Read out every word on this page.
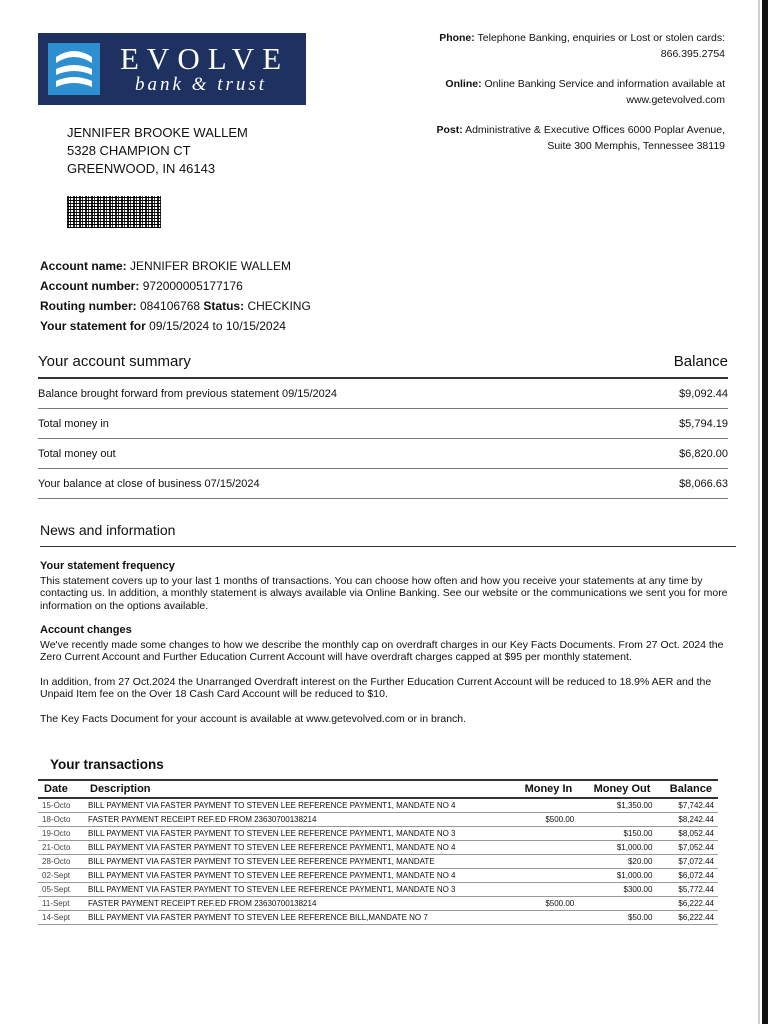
EVOLVE
bank & trust

Phone: Telephone Banking, enquiries or Lost or stolen cards: 866.395.2754

Online: Online Banking Service and information available at www.getevolved.com

Post: Administrative & Executive Offices 6000 Poplar Avenue, Suite 300 Memphis, Tennessee 38119

JENNIFER BROOKE WALLEM
5328 CHAMPION CT
GREENWOOD, IN 46143
Account name: JENNIFER BROKIE WALLEM
Account number: 972000005177176
Routing number: 084106768 Status: CHECKING
Your statement for 09/15/2024 to 10/15/2024
Your account summary	Balance
Balance brought forward from previous statement 09/15/2024	$9,092.44
Total money in	$5,794.19
Total money out	$6,820.00
Your balance at close of business 07/15/2024	$8,066.63
News and information
Your statement frequency

This statement covers up to your last 1 months of transactions. You can choose how often and how you receive your statements at any time by contacting us. In addition, a monthly statement is always available via Online Banking. See our website or the communications we sent you for more information on the options available.

Account changes

We've recently made some changes to how we describe the monthly cap on overdraft charges in our Key Facts Documents. From 27 Oct. 2024 the Zero Current Account and Further Education Current Account will have overdraft charges capped at $95 per monthly statement.

In addition, from 27 Oct.2024 the Unarranged Overdraft interest on the Further Education Current Account will be reduced to 18.9% AER and the Unpaid Item fee on the Over 18 Cash Card Account will be reduced to $10.

The Key Facts Document for your account is available at www.getevolved.com or in branch.

Your transactions
Date	Description	Money In	Money Out	Balance
15-Octo	BILL PAYMENT VIA FASTER PAYMENT TO STEVEN LEE REFERENCE PAYMENT1, MANDATE NO 4		$1,350.00	$7,742.44
18-Octo	FASTER PAYMENT RECEIPT REF.ED FROM 23630700138214	$500.00		$8,242.44
19-Octo	BILL PAYMENT VIA FASTER PAYMENT TO STEVEN LEE REFERENCE PAYMENT1, MANDATE NO 3		$150.00	$8,052.44
21-Octo	BILL PAYMENT VIA FASTER PAYMENT TO STEVEN LEE REFERENCE PAYMENT1, MANDATE NO 4		$1,000.00	$7,052.44
28-Octo	BILL PAYMENT VIA FASTER PAYMENT TO STEVEN LEE REFERENCE PAYMENT1, MANDATE		$20.00	$7,072.44
02-Sept	BILL PAYMENT VIA FASTER PAYMENT TO STEVEN LEE REFERENCE PAYMENT1, MANDATE NO 4		$1,000.00	$6,072.44
05-Sept	BILL PAYMENT VIA FASTER PAYMENT TO STEVEN LEE REFERENCE PAYMENT1, MANDATE NO 3		$300.00	$5,772.44
11-Sept	FASTER PAYMENT RECEIPT REF.ED FROM 23630700138214	$500.00		$6,222.44
14-Sept	BILL PAYMENT VIA FASTER PAYMENT TO STEVEN LEE REFERENCE BILL,MANDATE NO 7		$50.00	$6,222.44
